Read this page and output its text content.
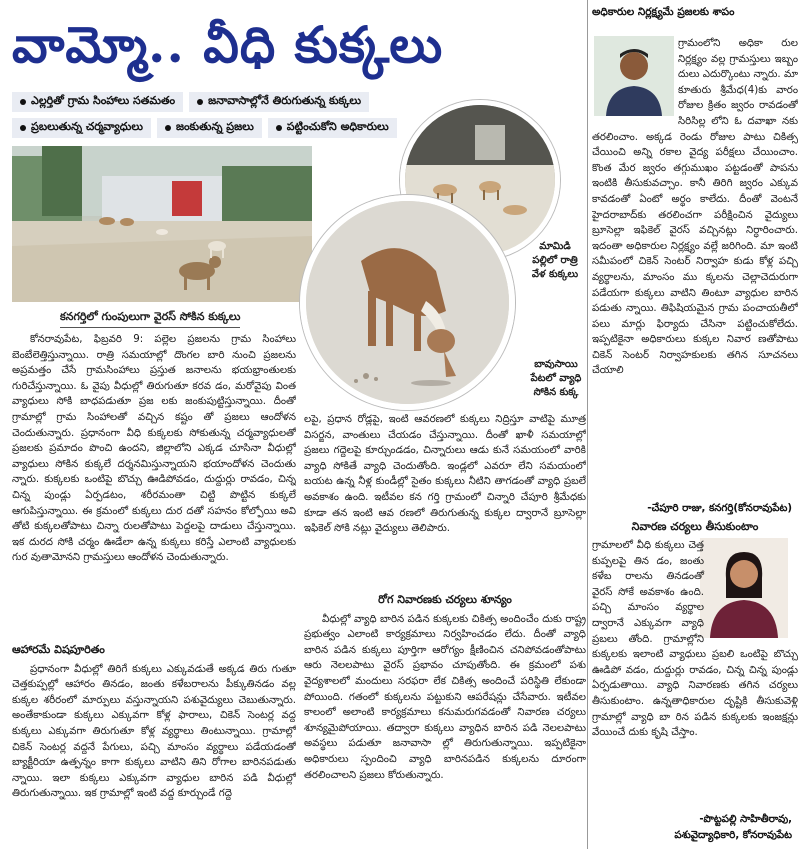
వామ్మో.. వీధి కుక్కలు
ఎల్లర్తితో గ్రామ సింహాలు సతమతం	జనావాసాల్లోనే తిరుగుతున్న కుక్కలు
ప్రబలుతున్న చర్మవ్యాధులు	జంకుతున్న ప్రజలు	పట్టించుకోని అధికారులు
కనగర్తిలో గుంపులుగా వైరస్ సోకిన కుక్కలు
మామిడి పల్లిలో రాత్రి వేళ కుక్కలు
బావుసాయి పేటలో వ్యాధి సోకిన కుక్క

కోనరావుపేట, ఫిబ్రవరి 9: పల్లెల ప్రజలను గ్రామ సింహాలు బెంబేలెత్తిస్తున్నాయి. రాత్రి సమయాల్లో దొంగల బారి నుంచి ప్రజలను అప్రమత్తం చేసే గ్రామసింహాలు ప్రస్తుత జనాలను భయభ్రాంతులకు గురిచేస్తున్నాయి. ఓ వైపు వీధుల్లో తిరుగుతూ కరవ డం, మరోవైపు వింత వ్యాధులు సోకి బాధపడుతూ ప్రజ లకు జంకుపుట్టిస్తున్నాయి. దీంతో గ్రామాల్లో గ్రామ సింహాలతో వచ్చిన కష్టం తో ప్రజలు ఆందోళన చెందుతున్నారు. ప్రధానంగా వీధి కుక్కలకు సోకుతున్న చర్మవ్యాధులతో ప్రజలకు ప్రమాదం పొంచి ఉందని, జిల్లాలోని ఎక్కడ చూసినా వీధుల్లో వ్యాధులు సోకిన కుక్కలే దర్శనమిస్తున్నాయని భయాందోళన చెందుతు న్నారు. కుక్కలకు ఒంటిపై బొచ్చు ఊడిపోవడం, దుద్దుర్లు రావడం, చిన్న చిన్న పుండ్లు ఏర్పడటం, శరీరమంతా చిట్టి పొట్టిన కుక్కలే ఆగుపిస్తున్నాయి. ఈ క్రమంలో కుక్కలు దుర దతో సహనం కోల్పోయి అవి తోటి కుక్కలతోపాటు చిన్నా రులతోపాటు పెద్దలపై దాడులు చేస్తున్నాయి. ఇక దురద సోకి చర్మం ఊడేలా ఉన్న కుక్కలు కరిస్తే ఎలాంటి వ్యాధులకు గుర వుతామోనని గ్రామస్తులు ఆందోళన చెందుతున్నారు.

ఆహారమే విషపూరితం

ప్రధానంగా వీధుల్లో తిరిగే కుక్కలు ఎక్కువడుతే అక్కడ తిరు గుతూ చెత్తకుప్పల్లో ఆహారం తినడం, జంతు కళేబరాలను పీక్కుతినడం వల్ల కుక్కల శరీరంలో మార్పులు వస్తున్నాయని పశువైద్యులు చెబుతున్నారు. అంతేకాకుండా కుక్కలు ఎక్కువగా కోళ్ల ఫారాలు, చికెన్ సెంటర్ల వద్ద కుక్కలు ఎక్కువగా తిరుగుతూ కోళ్ల వ్యర్థాలు తింటున్నాయి. గ్రామాల్లో చికెన్ సెంటర్ల వద్దనే పేగులు, పచ్చి మాంసం వ్యర్థాలు పడేయడంతో బ్యాక్టీరియా ఉత్పన్నం కాగా కుక్కలు వాటిని తిని రోగాల బారినపడుతు న్నాయి. ఇలా కుక్కలు ఎక్కువగా వ్యాధుల బారిన పడి వీధుల్లో తిరుగుతున్నాయి. ఇక గ్రామాల్లో ఇంటి వద్ద కూర్చుండే గద్దె

లపై, ప్రధాన రోడ్లపై, ఇంటి ఆవరణలో కుక్కలు నిద్రిస్తూ వాటిపై మూత్ర విసర్జన, వాంతులు చేయడం చేస్తున్నాయి. దీంతో ఖాళీ సమయాల్లో ప్రజలు గద్దెలపై కూర్చుండడం, చిన్నారులు ఆడు కునే సమయంలో వారికి వ్యాధి సోకితే వ్యాధి చెందుతోంది. ఇండ్లలో ఎవరూ లేని సమయంలో బయట ఉన్న నీళ్ల కుండీల్లో సైతం కుక్కలు నీటిని తాగడంతో వ్యాధి ప్రబలే అవకాశం ఉంది. ఇటీవల కన గర్తి గ్రామంలో చిన్నారి చేపూరి శ్రీమేధకు కూడా తన ఇంటి ఆవ రణలో తిరుగుతున్న కుక్కల ద్వారానే బ్రూసెల్లా ఇఫికెల్ సోకి నట్లు వైద్యులు తెలిపారు.

రోగ నివారణకు చర్యలు శూన్యం

వీధుల్లో వ్యాధి బారిన పడిన కుక్కలకు చికిత్స అందించేం దుకు రాష్ట్ర ప్రభుత్వం ఎలాంటి కార్యక్రమాలు నిర్వహించడం లేదు. దీంతో వ్యాధి బారిన పడిన కుక్కలు పూర్తిగా ఆరోగ్యం క్షీణించిన చనిపోవడంతోపాటు ఆరు నెలలపాటు వైరస్ ప్రభావం చూపుతోంది. ఈ క్రమంలో పశు వైద్యశాలలో మందులు సరఫరా లేక చికిత్స అందించే పరిస్థితి లేకుండా పోయింది. గతంలో కుక్కలను పట్టుకుని ఆపరేషన్లు చేసేవారు. ఇటీవల కాలంలో అలాంటి కార్యక్రమాలు కనుమరుగవడంతో నివారణ చర్యలు శూన్యమైపోయాయి. తద్వారా కుక్కలు వ్యాధిన బారిన పడి నెలలపాటు అవస్థలు పడుతూ జనావాసా ల్లో తిరుగుతున్నాయి. ఇప్పటికైనా అధికారులు స్పందించి వ్యాధి బారినపడిన కుక్కలను దూరంగా తరలించాలని ప్రజలు కోరుతున్నారు.

అధికారుల నిర్లక్ష్యమే ప్రజలకు శాపం
గ్రామంలోని అధికా రుల నిర్లక్ష్యం వల్ల గ్రామస్తులు ఇబ్బం దులు ఎదుర్కొంటు న్నారు. మా కూతురు శ్రీమేధ(4)కు వారం రోజుల క్రితం జ్వరం రావడంతో సిరిసిల్ల లోని ఓ దవాఖా నకు తరలించాం. అక్కడ రెండు రోజుల పాటు చికిత్స చేయించి అన్ని రకాల వైద్య పరీక్షలు చేయించాం. కొంత మేర జ్వరం తగ్గుముఖం పట్టడంతో పాపను ఇంటికి తీసుకువచ్చాం. కానీ తిరిగి జ్వరం ఎక్కువ కావడంతో ఏంటో అర్థం కాలేదు. దీంతో వెంటనే హైదరాబాద్‌కు తరలించగా పరీక్షించిన వైద్యులు బ్రూసెల్లా ఇఫికెల్ వైరస్ వచ్చినట్లు నిర్ధారించారు. ఇదంతా అధికారుల నిర్లక్ష్యం వల్లే జరిగింది. మా ఇంటి సమీపంలో చికెన్ సెంటర్ నిర్వాహ కుడు కోళ్ల పచ్చి వ్యర్థాలను, మాంసం ము క్కలను చెల్లాచెదురుగా పడేయగా కుక్కలు వాటిని తింటూ వ్యాధుల బారిన పడుతు న్నాయి. తిఫిషియమైన గ్రామ పంచాయతీలో పలు మార్లు ఫిర్యాదు చేసినా పట్టించుకోలేదు. ఇప్పటికైనా అధికారులు కుక్కల నివార ణతోపాటు చికెన్ సెంటర్ నిర్వాహకులకు తగిన సూచనలు చేయాలి
-చేపూరి రాజు, కనగర్తి(కోనరావుపేట)
నివారణ చర్యలు తీసుకుంటాం
గ్రామాలలో వీధి కుక్కలు చెత్త కుప్పలపై తిన డం, జంతు కళేబ రాలను తినడంతో వైరస్ సోకే అవకాశం ఉంది. పచ్చి మాంసం వ్యర్థాల ద్వారానే ఎక్కువగా వ్యాధి ప్రబలు తోంది. గ్రామాల్లోని కుక్కలకు ఇలాంటి వ్యాధులు ప్రబలి ఒంటిపై బొచ్చు ఊడిపో వడం, దుద్దుర్లు రావడం, చిన్న చిన్న పుండ్లు ఏర్పడుతాయి. వ్యాధి నివారణకు తగిన చర్యలు తీసుకుంటాం. ఉన్నతాధికారుల దృష్టికి తీసుకువెళ్లి గ్రామాల్లో వ్యాధి బా రిన పడిన కుక్కలకు ఇంజక్షన్లు వేయించే దుకు కృషి చేస్తాం.
-పొట్టపల్లి సాహితీరావు,
పశువైద్యాధికారి, కోనరావుపేట
